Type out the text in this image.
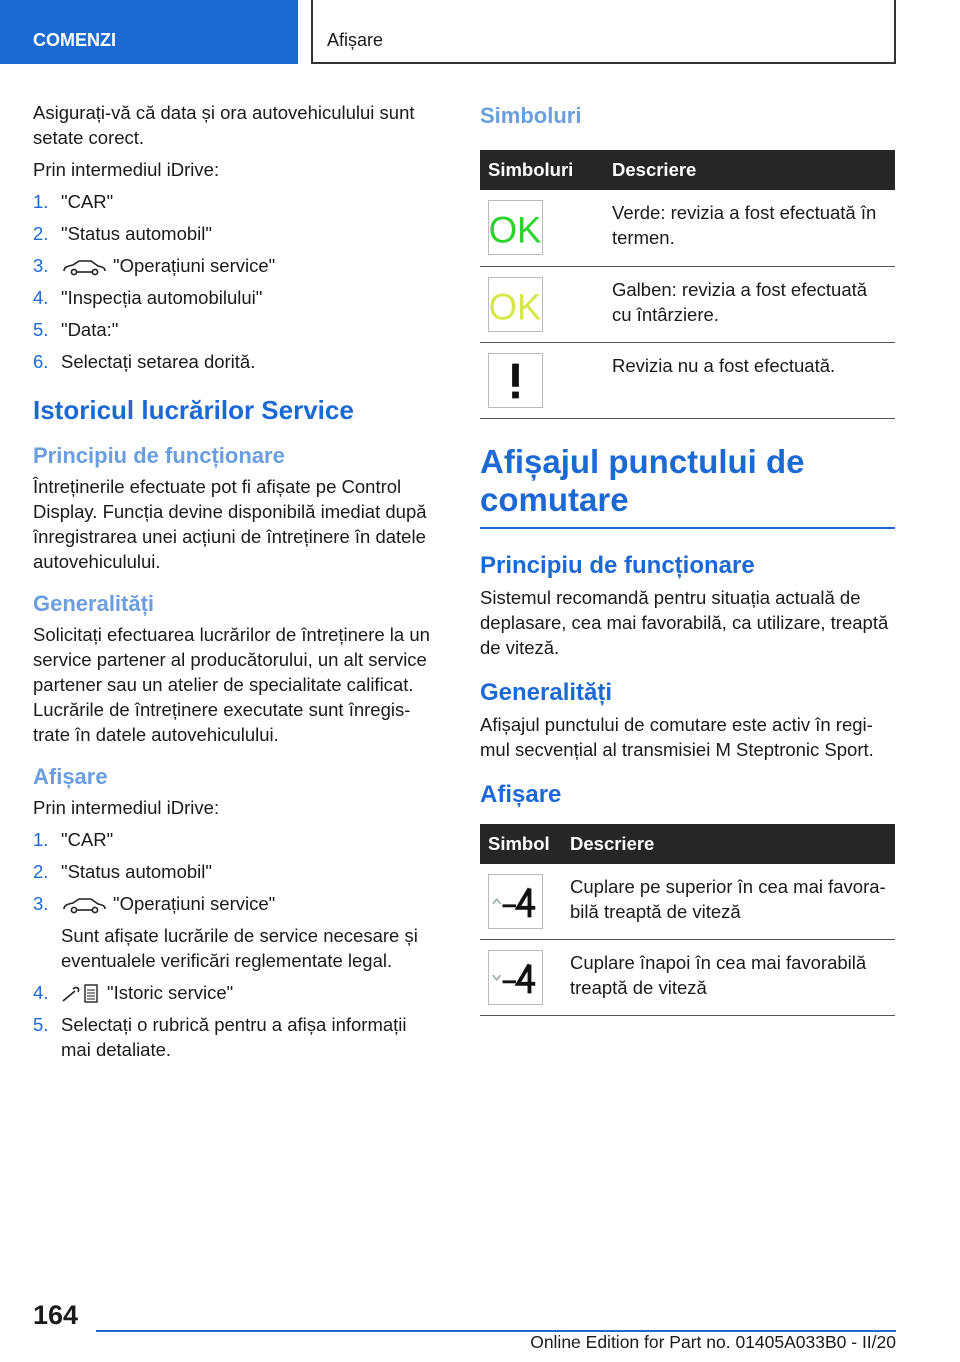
COMENZI	Afișare

Asigurați-vă că data și ora autovehiculului sunt setate corect.

Prin intermediul iDrive:

1. "CAR"
2. "Status automobil"
3.	"Operațiuni service"
4. "Inspecția automobilului"
5. "Data:"
6. Selectați setarea dorită.
Istoricul lucrărilor Service
Principiu de funcționare

Întreținerile efectuate pot fi afișate pe Control Display. Funcția devine disponibilă imediat după înregistrarea unei acțiuni de întreținere în datele autovehiculului.

Generalități

Solicitați efectuarea lucrărilor de întreținere la un service partener al producătorului, un alt service partener sau un atelier de specialitate calificat. Lucrările de întreținere executate sunt înregis-trate în datele autovehiculului.

Afișare

Prin intermediul iDrive:

1. "CAR"
2. "Status automobil"
3.	"Operațiuni service"
Sunt afișate lucrările de service necesare și eventualele verificări reglementate legal.
4.	"Istoric service"
5. Selectați o rubrică pentru a afișa informații mai detaliate.
Simboluri
Simboluri	Descriere

OK	Verde: revizia a fost efectuată în termen.

OK	Galben: revizia a fost efectuată cu întârziere.

	Revizia nu a fost efectuată.
Afișajul punctului de comutare
Principiu de funcționare

Sistemul recomandă pentru situația actuală de deplasare, cea mai favorabilă, ca utilizare, treaptă de viteză.

Generalități

Afișajul punctului de comutare este activ în regi-mul secvențial al transmisiei M Steptronic Sport.

Afișare
Simbol	Descriere

	Cuplare pe superior în cea mai favora-bilă treaptă de viteză

	Cuplare înapoi în cea mai favorabilă treaptă de viteză
164
Online Edition for Part no. 01405A033B0 - II/20
